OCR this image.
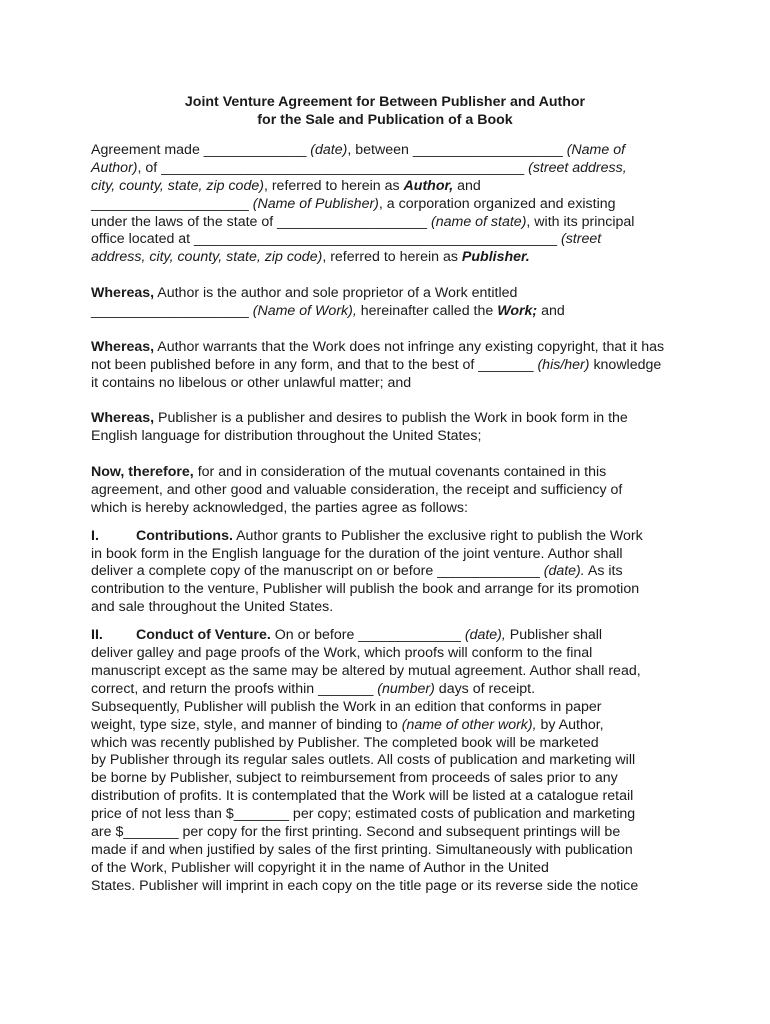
Joint Venture Agreement for Between Publisher and Author
for the Sale and Publication of a Book
Agreement made _____________ (date), between ___________________ (Name of
Author), of ______________________________________________ (street address,
city, county, state, zip code), referred to herein as Author, and
____________________ (Name of Publisher), a corporation organized and existing
under the laws of the state of ___________________ (name of state), with its principal
office located at ______________________________________________ (street
address, city, county, state, zip code), referred to herein as Publisher.
Whereas, Author is the author and sole proprietor of a Work entitled
____________________ (Name of Work), hereinafter called the Work; and
Whereas, Author warrants that the Work does not infringe any existing copyright, that it has
not been published before in any form, and that to the best of _______ (his/her) knowledge
it contains no libelous or other unlawful matter; and
Whereas, Publisher is a publisher and desires to publish the Work in book form in the
English language for distribution throughout the United States;
Now, therefore, for and in consideration of the mutual covenants contained in this
agreement, and other good and valuable consideration, the receipt and sufficiency of
which is hereby acknowledged, the parties agree as follows:
I.	Contributions. Author grants to Publisher the exclusive right to publish the Work
in book form in the English language for the duration of the joint venture. Author shall
deliver a complete copy of the manuscript on or before _____________ (date). As its
contribution to the venture, Publisher will publish the book and arrange for its promotion
and sale throughout the United States.
II. Conduct of Venture. On or before _____________ (date), Publisher shall
deliver galley and page proofs of the Work, which proofs will conform to the final
manuscript except as the same may be altered by mutual agreement. Author shall read,
correct, and return the proofs within _______ (number) days of receipt.
Subsequently, Publisher will publish the Work in an edition that conforms in paper
weight, type size, style, and manner of binding to (name of other work), by Author,
which was recently published by Publisher. The completed book will be marketed
by Publisher through its regular sales outlets. All costs of publication and marketing will
be borne by Publisher, subject to reimbursement from proceeds of sales prior to any
distribution of profits. It is contemplated that the Work will be listed at a catalogue retail
price of not less than $_______ per copy; estimated costs of publication and marketing
are $_______ per copy for the first printing. Second and subsequent printings will be
made if and when justified by sales of the first printing. Simultaneously with publication
of the Work, Publisher will copyright it in the name of Author in the United
States. Publisher will imprint in each copy on the title page or its reverse side the notice
